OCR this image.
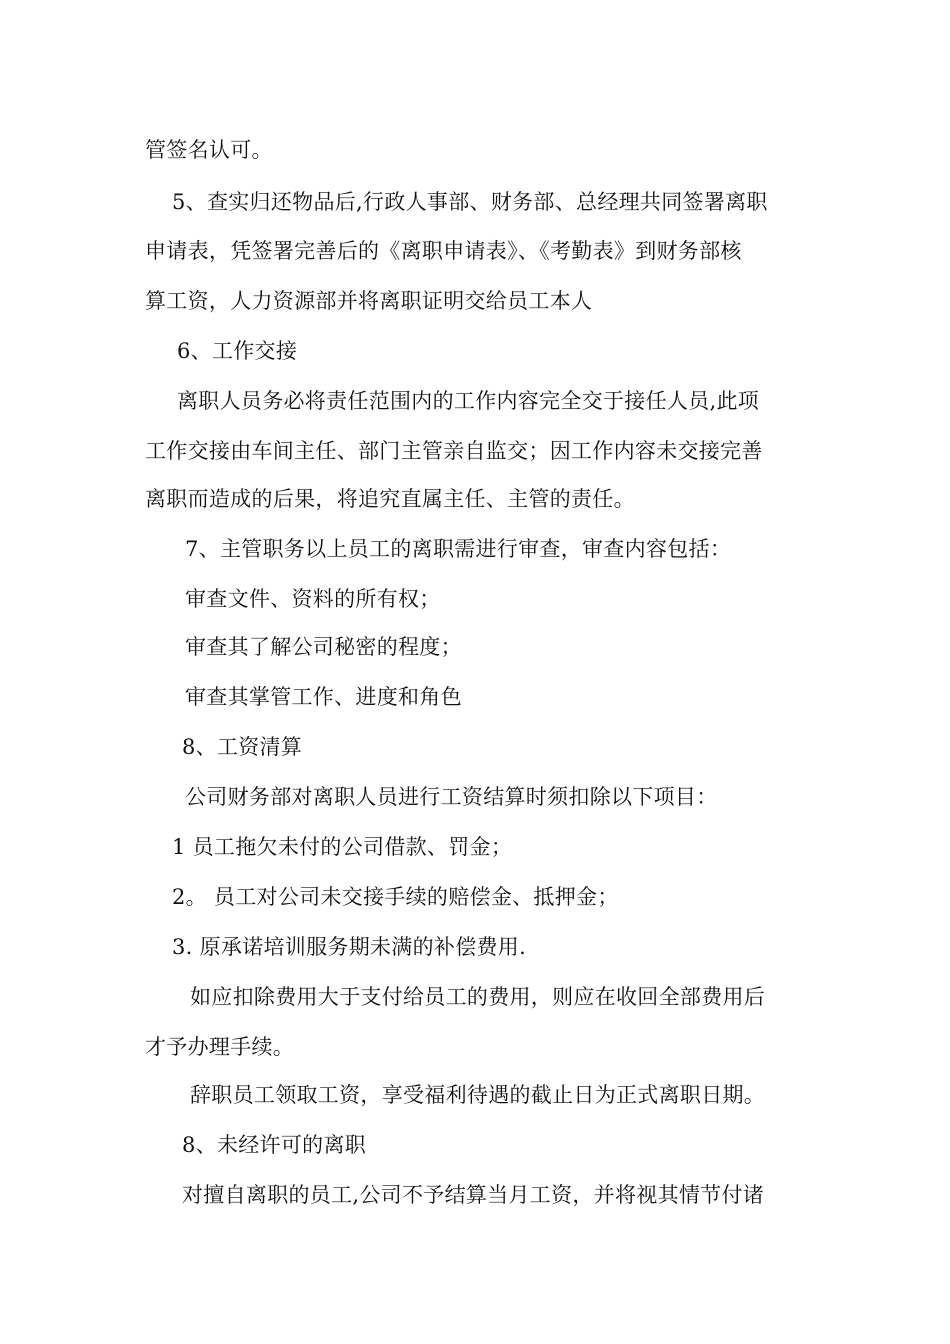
管签名认可。
5、查实归还物品后,行政人事部、财务部、总经理共同签署离职
申请表，凭签署完善后的《离职申请表》、《考勤表》到财务部核
算工资，人力资源部并将离职证明交给员工本人
6、工作交接
离职人员务必将责任范围内的工作内容完全交于接任人员,此项
工作交接由车间主任、部门主管亲自监交；因工作内容未交接完善
离职而造成的后果，将追究直属主任、主管的责任。
7、主管职务以上员工的离职需进行审查，审查内容包括：
审查文件、资料的所有权；
审查其了解公司秘密的程度；
审查其掌管工作、进度和角色
8、工资清算
公司财务部对离职人员进行工资结算时须扣除以下项目：
1 员工拖欠未付的公司借款、罚金；
2。 员工对公司未交接手续的赔偿金、抵押金；
3. 原承诺培训服务期未满的补偿费用.
如应扣除费用大于支付给员工的费用，则应在收回全部费用后
才予办理手续。
辞职员工领取工资，享受福利待遇的截止日为正式离职日期。
8、未经许可的离职
对擅自离职的员工,公司不予结算当月工资，并将视其情节付诸
